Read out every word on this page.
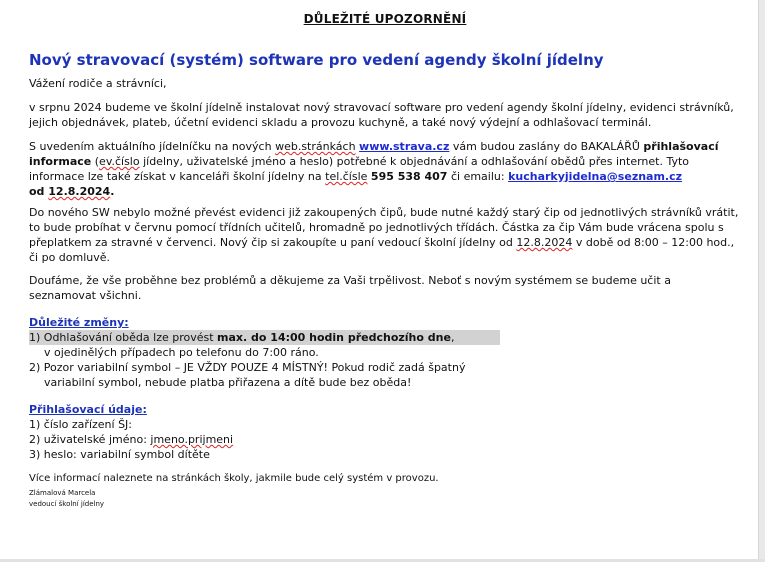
DŮLEŽITÉ UPOZORNĚNÍ
Nový stravovací (systém) software pro vedení agendy školní jídelny

Vážení rodiče a strávníci,

v srpnu 2024 budeme ve školní jídelně instalovat nový stravovací software pro vedení agendy školní jídelny, evidenci strávníků, jejich objednávek, plateb, účetní evidenci skladu a provozu kuchyně, a také nový výdejní a odhlašovací terminál.

S uvedením aktuálního jídelníčku na nových web.stránkách www.strava.cz vám budou zaslány do BAKALÁŘŮ přihlašovací informace (ev.číslo jídelny, uživatelské jméno a heslo) potřebné k objednávání a odhlašování obědů přes internet. Tyto informace lze také získat v kanceláři školní jídelny na tel.čísle 595 538 407 či emailu: kucharkyjidelna@seznam.cz
od 12.8.2024.

Do nového SW nebylo možné převést evidenci již zakoupených čipů, bude nutné každý starý čip od jednotlivých strávníků vrátit, to bude probíhat v červnu pomocí třídních učitelů, hromadně po jednotlivých třídách. Částka za čip Vám bude vrácena spolu s přeplatkem za stravné v červenci. Nový čip si zakoupíte u paní vedoucí školní jídelny od 12.8.2024 v době od 8:00 – 12:00 hod., či po domluvě.

Doufáme, že vše proběhne bez problémů a děkujeme za Vaši trpělivost. Neboť s novým systémem se budeme učit a seznamovat všichni.

Důležité změny:
1) Odhlašování oběda lze provést max. do 14:00 hodin předchozího dne,
v ojedinělých případech po telefonu do 7:00 ráno.
2) Pozor variabilní symbol – JE VŽDY POUZE 4 MÍSTNÝ! Pokud rodič zadá špatný
variabilní symbol, nebude platba přiřazena a dítě bude bez oběda!
Přihlašovací údaje:
1) číslo zařízení ŠJ:
2) uživatelské jméno: jmeno.prijmeni
3) heslo: variabilní symbol dítěte

Více informací naleznete na stránkách školy, jakmile bude celý systém v provozu.

Zlámalová Marcela

vedoucí školní jídelny
